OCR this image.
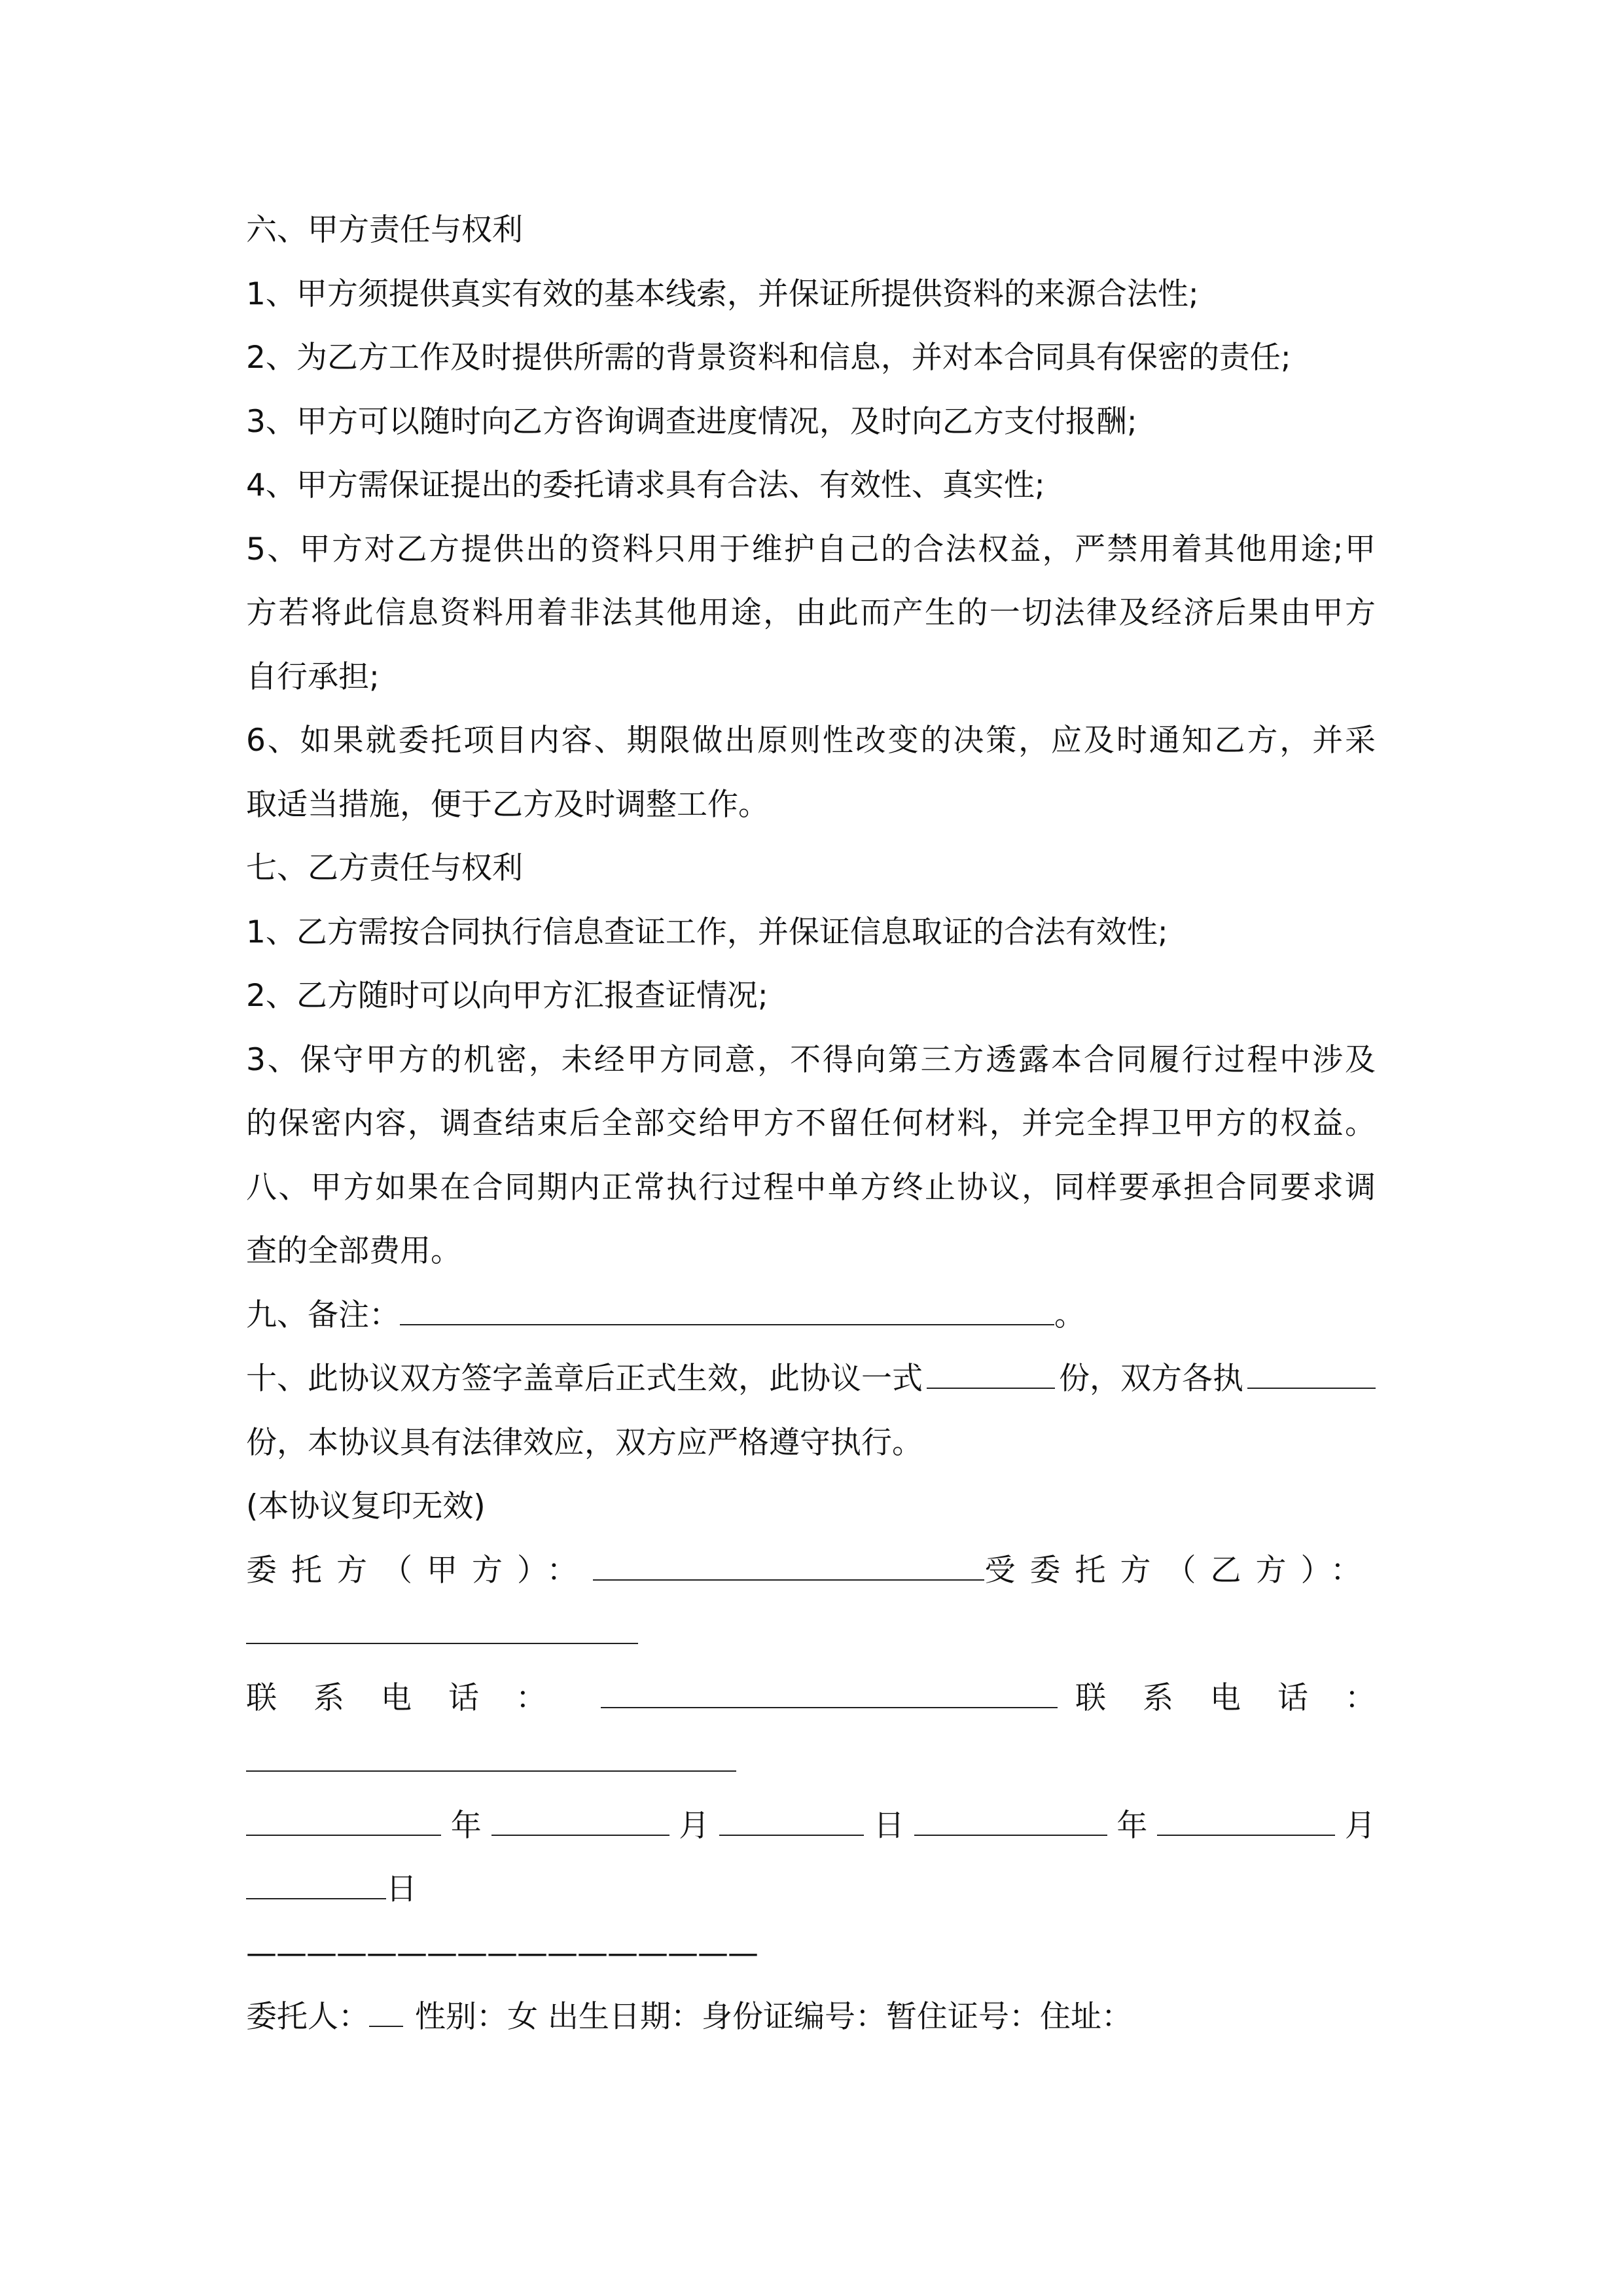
六、甲方责任与权利
1、甲方须提供真实有效的基本线索，并保证所提供资料的来源合法性;
2、为乙方工作及时提供所需的背景资料和信息，并对本合同具有保密的责任;
3、甲方可以随时向乙方咨询调查进度情况，及时向乙方支付报酬;
4、甲方需保证提出的委托请求具有合法、有效性、真实性;
5、甲方对乙方提供出的资料只用于维护自己的合法权益，严禁用着其他用途;甲
方若将此信息资料用着非法其他用途，由此而产生的一切法律及经济后果由甲方
自行承担;
6、如果就委托项目内容、期限做出原则性改变的决策，应及时通知乙方，并采
取适当措施，便于乙方及时调整工作。
七、乙方责任与权利
1、乙方需按合同执行信息查证工作，并保证信息取证的合法有效性;
2、乙方随时可以向甲方汇报查证情况;
3、保守甲方的机密，未经甲方同意，不得向第三方透露本合同履行过程中涉及
的保密内容，调查结束后全部交给甲方不留任何材料，并完全捍卫甲方的权益。
八、甲方如果在合同期内正常执行过程中单方终止协议，同样要承担合同要求调
查的全部费用。
九、备注：	。
十、此协议双方签字盖章后正式生效，此协议一式	份，双方各执
份，本协议具有法律效应，双方应严格遵守执行。
(本协议复印无效)
委托方（甲方）：	受委托方（乙方）：
联系电话：	联系电话：
年	月	日	年	月
日
—————————————————
委托人： 性别：女 出生日期：身份证编号：暂住证号：住址：
